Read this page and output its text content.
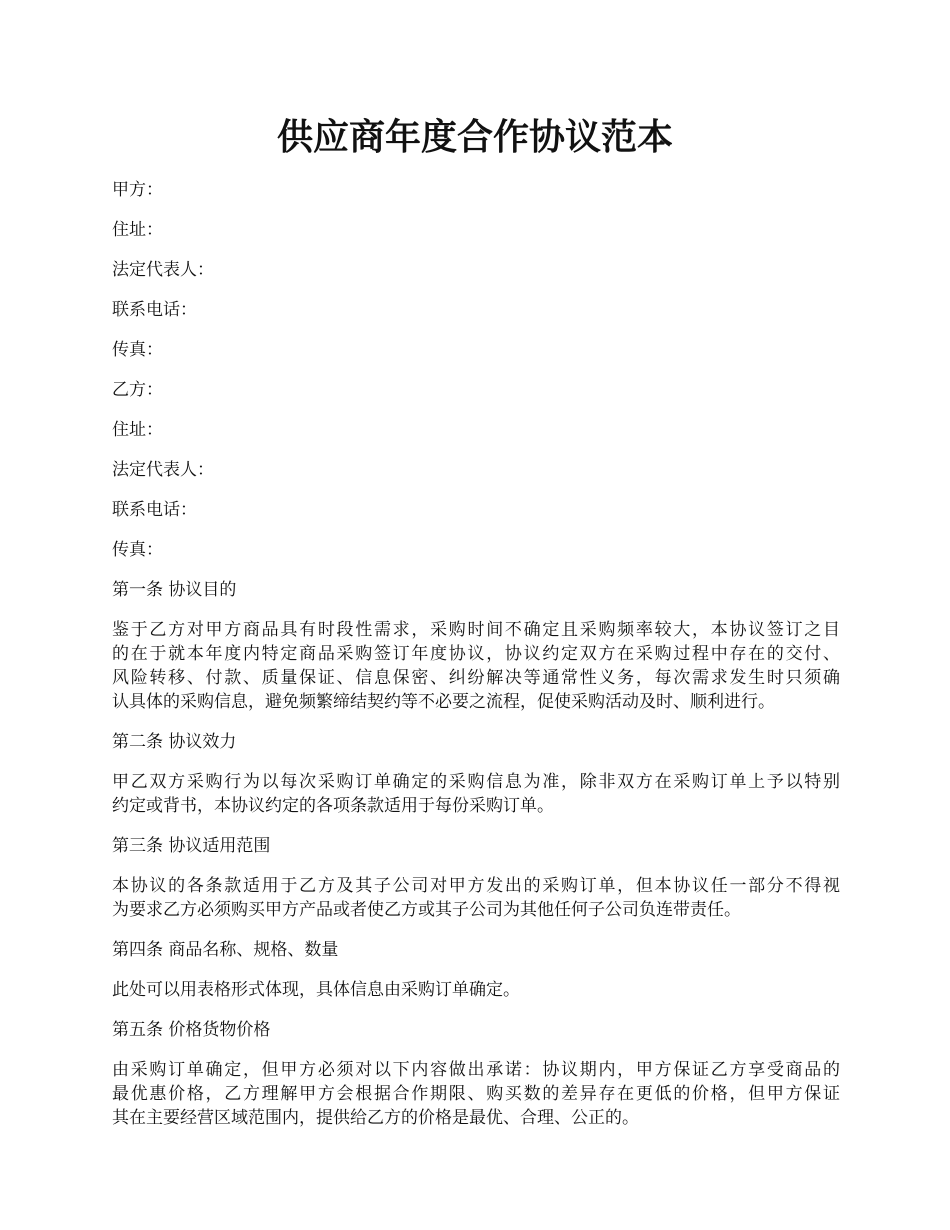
供应商年度合作协议范本
甲方：
住址：
法定代表人：
联系电话：
传真：
乙方：
住址：
法定代表人：
联系电话：
传真：
第一条 协议目的
鉴于乙方对甲方商品具有时段性需求，采购时间不确定且采购频率较大，本协议签订之目
的在于就本年度内特定商品采购签订年度协议，协议约定双方在采购过程中存在的交付、
风险转移、付款、质量保证、信息保密、纠纷解决等通常性义务，每次需求发生时只须确
认具体的采购信息，避免频繁缔结契约等不必要之流程，促使采购活动及时、顺利进行。
第二条 协议效力
甲乙双方采购行为以每次采购订单确定的采购信息为准，除非双方在采购订单上予以特别
约定或背书，本协议约定的各项条款适用于每份采购订单。
第三条 协议适用范围
本协议的各条款适用于乙方及其子公司对甲方发出的采购订单，但本协议任一部分不得视
为要求乙方必须购买甲方产品或者使乙方或其子公司为其他任何子公司负连带责任。
第四条 商品名称、规格、数量
此处可以用表格形式体现，具体信息由采购订单确定。
第五条 价格货物价格
由采购订单确定，但甲方必须对以下内容做出承诺：协议期内，甲方保证乙方享受商品的
最优惠价格，乙方理解甲方会根据合作期限、购买数的差异存在更低的价格，但甲方保证
其在主要经营区域范围内，提供给乙方的价格是最优、合理、公正的。
